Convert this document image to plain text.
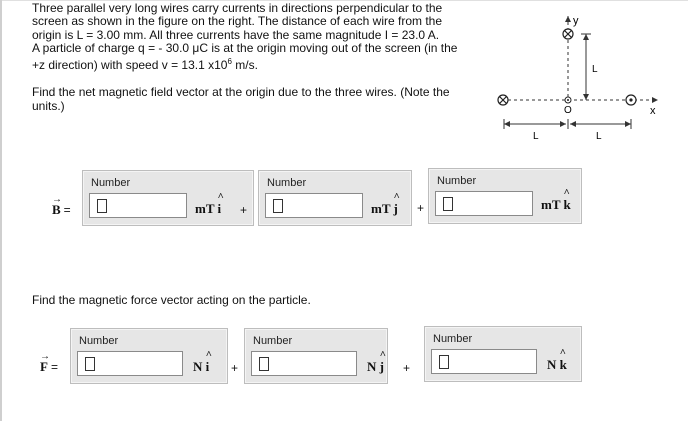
Three parallel very long wires carry currents in directions perpendicular to the

screen as shown in the figure on the right. The distance of each wire from the

origin is L = 3.00 mm. All three currents have the same magnitude I = 23.0 A.

A particle of charge q = - 30.0 μC is at the origin moving out of the screen (in the

+z direction) with speed v = 13.1 $x10^6$ m/s.

Find the net magnetic field vector at the origin due to the three wires. (Note the

units.)

y
x
O
L
L	L
→
B =
Number
mT
^
i +
Number
mT
^
j +
Number
mT
^
k
Find the magnetic force vector acting on the particle.
→
F =
Number
N
^
i +
Number
N
^
j +
Number
N
^
k
